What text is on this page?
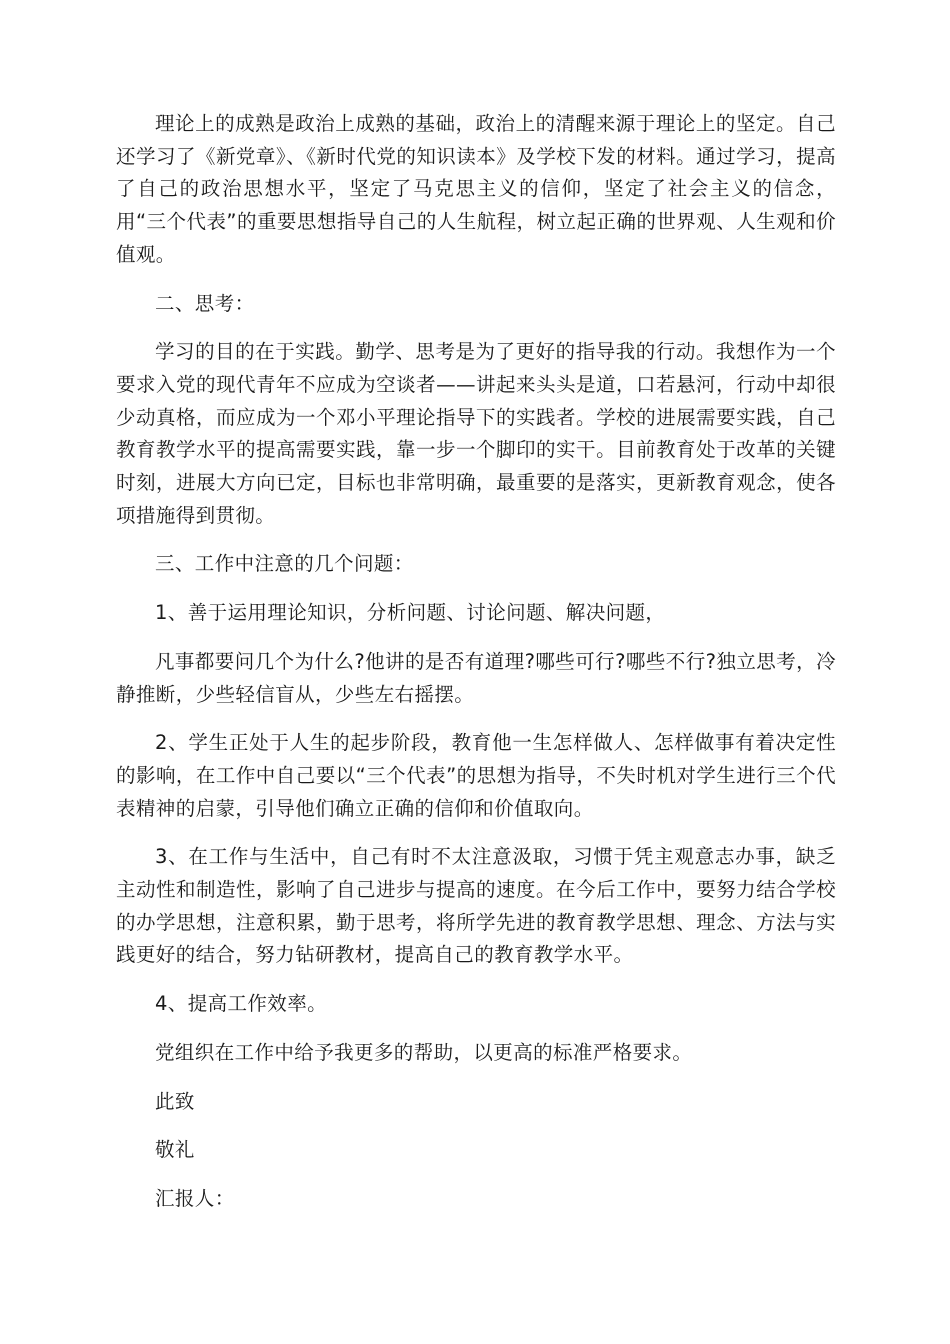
理论上的成熟是政治上成熟的基础，政治上的清醒来源于理论上的坚定。自己还学习了《新党章》、《新时代党的知识读本》及学校下发的材料。通过学习，提高了自己的政治思想水平，坚定了马克思主义的信仰，坚定了社会主义的信念，用“三个代表”的重要思想指导自己的人生航程，树立起正确的世界观、人生观和价值观。

二、思考：

学习的目的在于实践。勤学、思考是为了更好的指导我的行动。我想作为一个要求入党的现代青年不应成为空谈者——讲起来头头是道，口若悬河，行动中却很少动真格，而应成为一个邓小平理论指导下的实践者。学校的进展需要实践，自己教育教学水平的提高需要实践，靠一步一个脚印的实干。目前教育处于改革的关键时刻，进展大方向已定，目标也非常明确，最重要的是落实，更新教育观念，使各项措施得到贯彻。

三、工作中注意的几个问题：

1、善于运用理论知识，分析问题、讨论问题、解决问题，

凡事都要问几个为什么?他讲的是否有道理?哪些可行?哪些不行?独立思考，冷静推断，少些轻信盲从，少些左右摇摆。

2、学生正处于人生的起步阶段，教育他一生怎样做人、怎样做事有着决定性的影响，在工作中自己要以“三个代表”的思想为指导，不失时机对学生进行三个代表精神的启蒙，引导他们确立正确的信仰和价值取向。

3、在工作与生活中，自己有时不太注意汲取，习惯于凭主观意志办事，缺乏主动性和制造性，影响了自己进步与提高的速度。在今后工作中，要努力结合学校的办学思想，注意积累，勤于思考，将所学先进的教育教学思想、理念、方法与实践更好的结合，努力钻研教材，提高自己的教育教学水平。

4、提高工作效率。

党组织在工作中给予我更多的帮助，以更高的标准严格要求。

此致

敬礼

汇报人：
